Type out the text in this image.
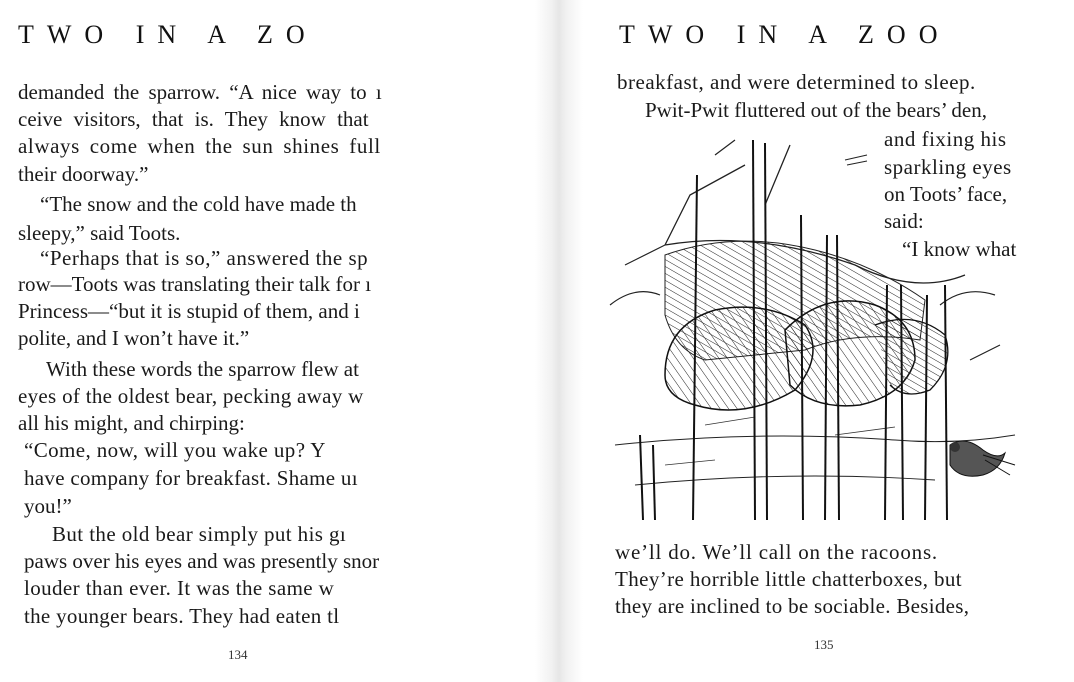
TWO IN A ZO
demanded the sparrow. “A nice way to ı
ceive visitors, that is. They know that
always come when the sun shines full
their doorway.”
“The snow and the cold have made th
sleepy,” said Toots.
“Perhaps that is so,” answered the sp
row—Toots was translating their talk for ı
Princess—“but it is stupid of them, and i
polite, and I won’t have it.”
With these words the sparrow flew at
eyes of the oldest bear, pecking away w
all his might, and chirping:
“Come, now, will you wake up? Y
have company for breakfast. Shame uı
you!”
But the old bear simply put his gı
paws over his eyes and was presently snor
louder than ever. It was the same w
the younger bears. They had eaten tl
134
TWO IN A ZOO
breakfast, and were determined to sleep.
Pwit-Pwit fluttered out of the bears’ den,
and fixing his
sparkling eyes
on Toots’ face,
said:
“I know what
we’ll do. We’ll call on the racoons.
They’re horrible little chatterboxes, but
they are inclined to be sociable. Besides,
135
